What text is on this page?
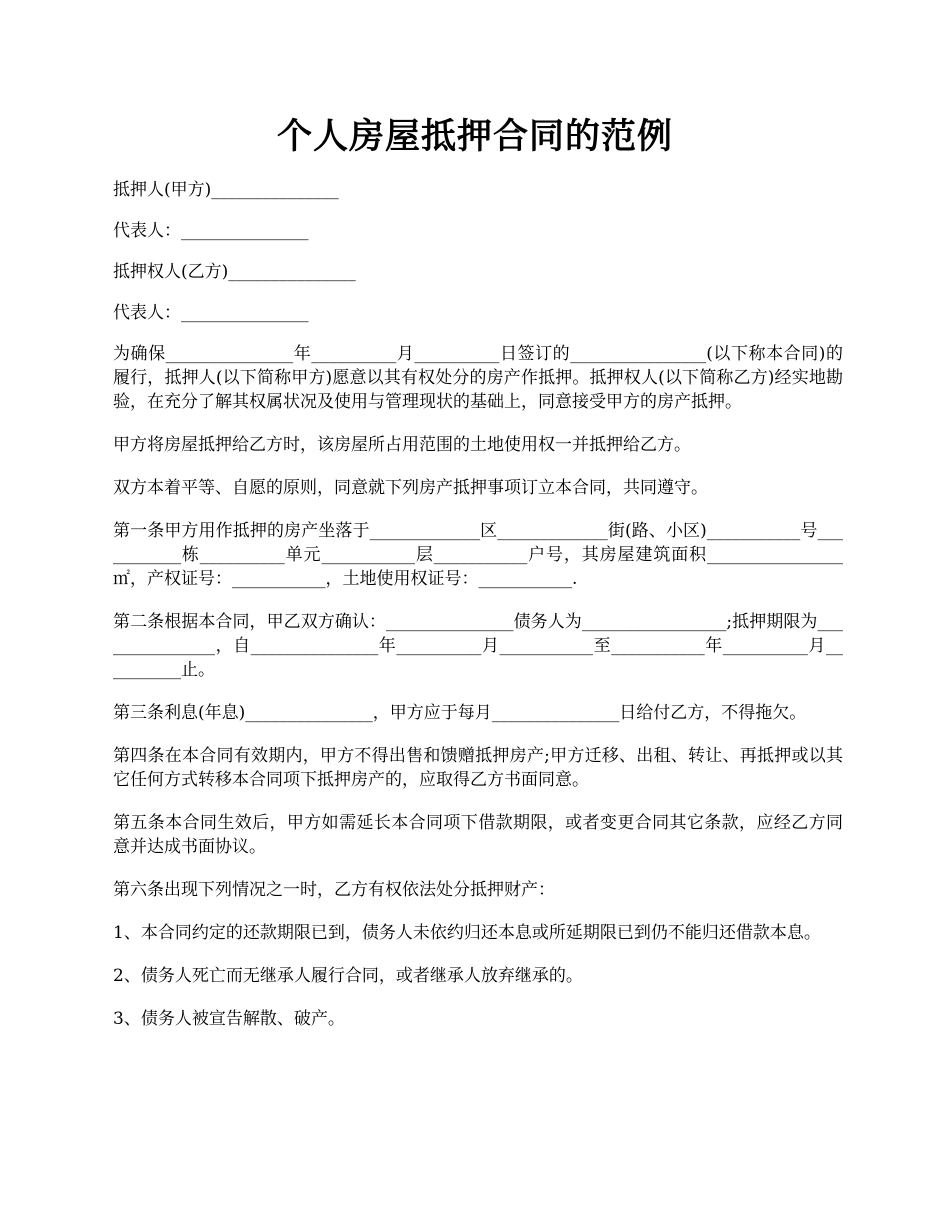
个人房屋抵押合同的范例

抵押人(甲方)_______________

代表人：_______________

抵押权人(乙方)_______________

代表人：_______________

为确保_______________年__________月__________日签订的________________(以下称本合同)的履行，抵押人(以下简称甲方)愿意以其有权处分的房产作抵押。抵押权人(以下简称乙方)经实地勘验，在充分了解其权属状况及使用与管理现状的基础上，同意接受甲方的房产抵押。

甲方将房屋抵押给乙方时，该房屋所占用范围的土地使用权一并抵押给乙方。

双方本着平等、自愿的原则，同意就下列房产抵押事项订立本合同，共同遵守。

第一条甲方用作抵押的房产坐落于_____________区_____________街(路、小区)___________号___________栋__________单元___________层___________户号，其房屋建筑面积________________㎡，产权证号：___________，土地使用权证号：___________.

第二条根据本合同，甲乙双方确认：_______________债务人为_________________;抵押期限为_______________，自_______________年__________月___________至___________年__________月__________止。

第三条利息(年息)_______________，甲方应于每月_______________日给付乙方，不得拖欠。

第四条在本合同有效期内，甲方不得出售和馈赠抵押房产;甲方迁移、出租、转让、再抵押或以其它任何方式转移本合同项下抵押房产的，应取得乙方书面同意。

第五条本合同生效后，甲方如需延长本合同项下借款期限，或者变更合同其它条款，应经乙方同意并达成书面协议。

第六条出现下列情况之一时，乙方有权依法处分抵押财产：

1、本合同约定的还款期限已到，债务人未依约归还本息或所延期限已到仍不能归还借款本息。

2、债务人死亡而无继承人履行合同，或者继承人放弃继承的。

3、债务人被宣告解散、破产。
